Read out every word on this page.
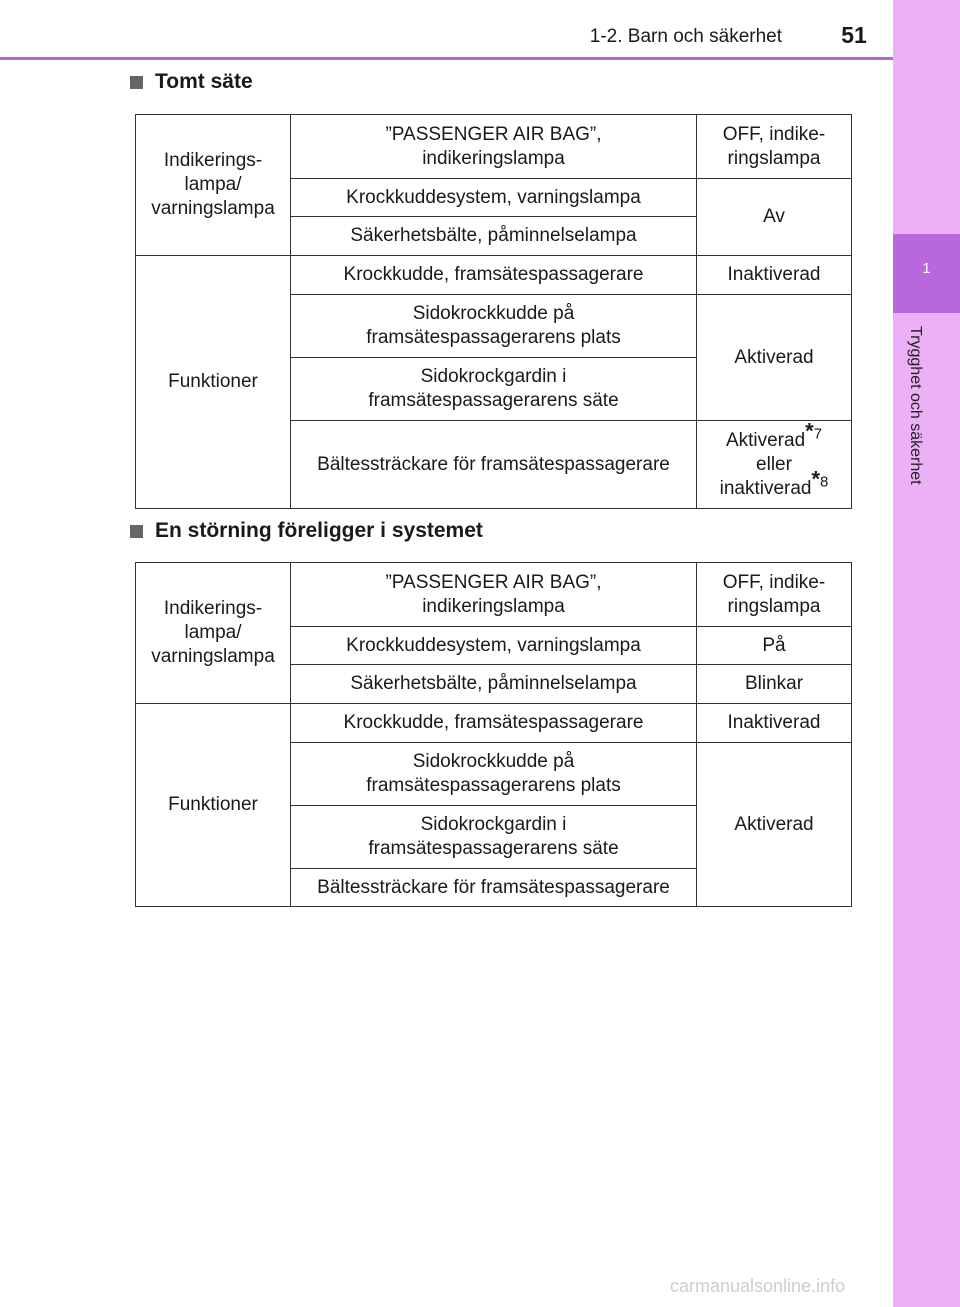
1-2. Barn och säkerhet	51
1
Trygghet och säkerhet
Tomt säte
Indikerings-
lampa/
varningslampa	”PASSENGER AIR BAG”,
indikeringslampa	OFF, indike-
ringslampa
	Krockkuddesystem, varningslampa	Av
	Säkerhetsbälte, påminnelselampa	
Funktioner	Krockkudde, framsätespassagerare	Inaktiverad
	Sidokrockkudde på
framsätespassagerarens plats	Aktiverad
	Sidokrockgardin i
framsätespassagerarens säte	
	Bältessträckare för framsätespassagerare	Aktiverad*$^7$
eller
inaktiverad*$^8$
En störning föreligger i systemet
Indikerings-
lampa/
varningslampa	”PASSENGER AIR BAG”,
indikeringslampa	OFF, indike-
ringslampa
	Krockkuddesystem, varningslampa	På
	Säkerhetsbälte, påminnelselampa	Blinkar
Funktioner	Krockkudde, framsätespassagerare	Inaktiverad
	Sidokrockkudde på
framsätespassagerarens plats	Aktiverad
	Sidokrockgardin i
framsätespassagerarens säte	
	Bältessträckare för framsätespassagerare	
carmanualsonline.info
